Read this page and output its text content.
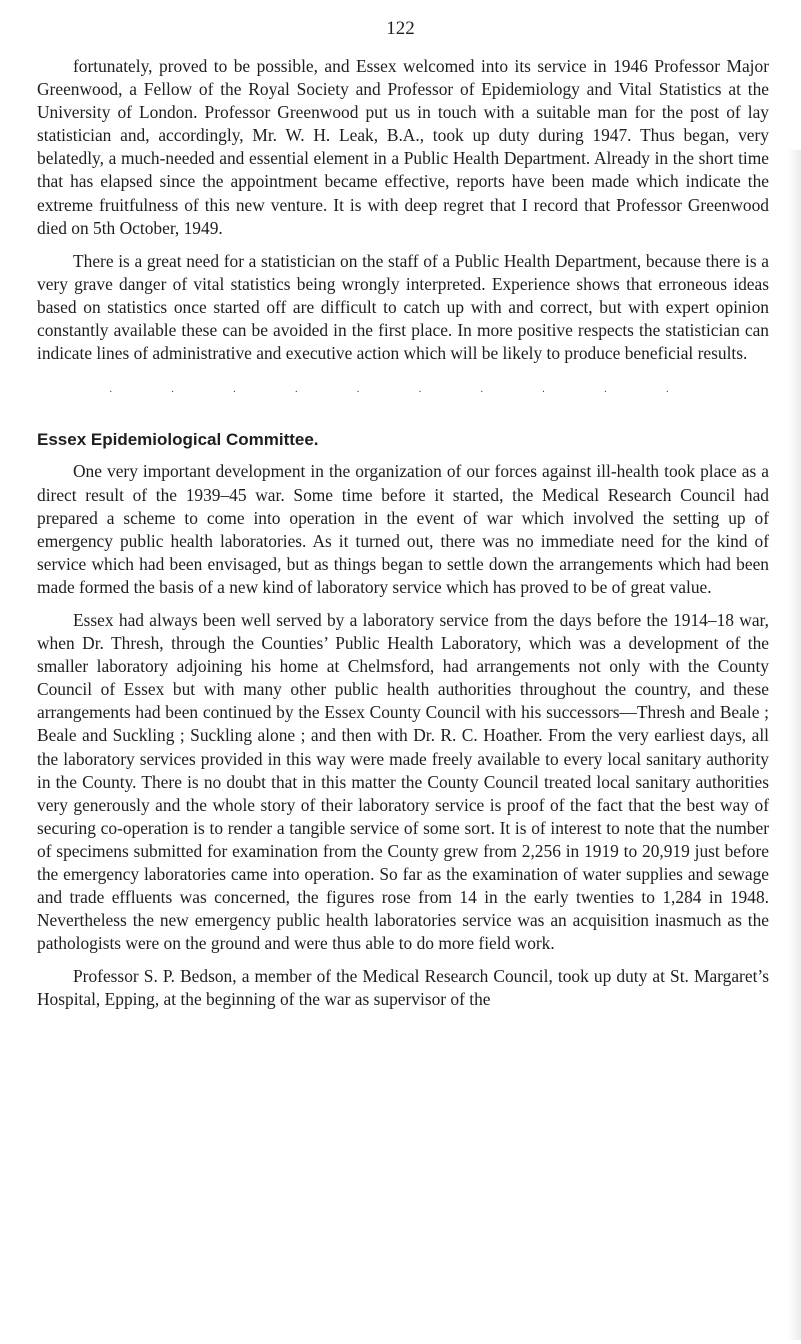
122

fortunately, proved to be possible, and Essex welcomed into its service in 1946 Professor Major Greenwood, a Fellow of the Royal Society and Professor of Epidemiology and Vital Statistics at the University of London. Professor Greenwood put us in touch with a suitable man for the post of lay statistician and, accordingly, Mr. W. H. Leak, B.A., took up duty during 1947. Thus began, very belatedly, a much-needed and essential element in a Public Health Department. Already in the short time that has elapsed since the appointment became effective, reports have been made which indicate the extreme fruitfulness of this new venture. It is with deep regret that I record that Professor Greenwood died on 5th October, 1949.

There is a great need for a statistician on the staff of a Public Health Department, because there is a very grave danger of vital statistics being wrongly interpreted. Experience shows that erroneous ideas based on statistics once started off are difficult to catch up with and correct, but with expert opinion constantly available these can be avoided in the first place. In more positive respects the statistician can indicate lines of administrative and executive action which will be likely to produce beneficial results.

· · · · · · · · · ·
Essex Epidemiological Committee.

One very important development in the organization of our forces against ill-health took place as a direct result of the 1939–45 war. Some time before it started, the Medical Research Council had prepared a scheme to come into operation in the event of war which involved the setting up of emergency public health laboratories. As it turned out, there was no immediate need for the kind of service which had been envisaged, but as things began to settle down the arrangements which had been made formed the basis of a new kind of laboratory service which has proved to be of great value.

Essex had always been well served by a laboratory service from the days before the 1914–18 war, when Dr. Thresh, through the Counties’ Public Health Laboratory, which was a development of the smaller laboratory adjoining his home at Chelmsford, had arrangements not only with the County Council of Essex but with many other public health authorities throughout the country, and these arrangements had been continued by the Essex County Council with his successors—Thresh and Beale ; Beale and Suckling ; Suckling alone ; and then with Dr. R. C. Hoather. From the very earliest days, all the laboratory services provided in this way were made freely available to every local sanitary authority in the County. There is no doubt that in this matter the County Council treated local sanitary authorities very generously and the whole story of their laboratory service is proof of the fact that the best way of securing co-operation is to render a tangible service of some sort. It is of interest to note that the number of specimens submitted for examination from the County grew from 2,256 in 1919 to 20,919 just before the emergency laboratories came into operation. So far as the examination of water supplies and sewage and trade effluents was concerned, the figures rose from 14 in the early twenties to 1,284 in 1948. Nevertheless the new emergency public health laboratories service was an acquisition inasmuch as the pathologists were on the ground and were thus able to do more field work.

Professor S. P. Bedson, a member of the Medical Research Council, took up duty at St. Margaret’s Hospital, Epping, at the beginning of the war as supervisor of the
